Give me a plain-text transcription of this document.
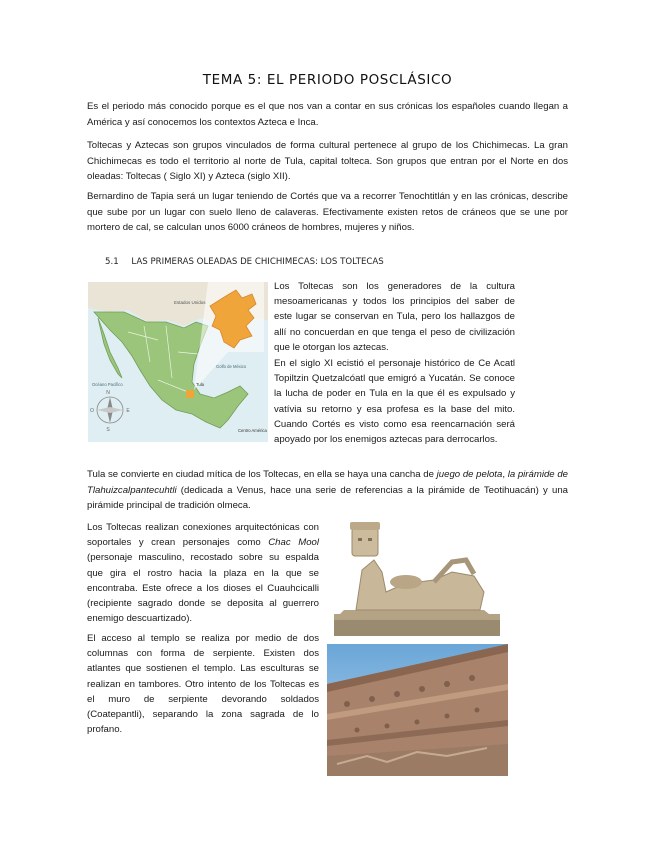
TEMA 5: EL PERIODO POSCLÁSICO

Es el periodo más conocido porque es el que nos van a contar en sus crónicas los españoles cuando llegan a América y así conocemos los contextos Azteca e Inca.

Toltecas y Aztecas son grupos vinculados de forma cultural pertenece al grupo de los Chichimecas. La gran Chichimecas es todo el territorio al norte de Tula, capital tolteca. Son grupos que entran por el Norte en dos oleadas: Toltecas ( Siglo XI) y Azteca (siglo XII).

Bernardino de Tapia será un lugar teniendo de Cortés que va a recorrer Tenochtitlán y en las crónicas, describe que sube por un lugar con suelo lleno de calaveras. Efectivamente existen retos de cráneos que se une por mortero de cal, se calculan unos 6000 cráneos de hombres, mujeres y niños.

5.1 LAS PRIMERAS OLEADAS DE CHICHIMECAS: LOS TOLTECAS
Estados Unidos
Océano Pacífico
Golfo de México
Tula
Centro América
N
S
O	E

Los Toltecas son los generadores de la cultura mesoamericanas y todos los principios del saber de este lugar se conservan en Tula, pero los hallazgos de allí no concuerdan en que tenga el peso de civilización que le otorgan los aztecas.

En el siglo XI ecistió el personaje histórico de Ce Acatl Topiltzin Quetzalcóatl que emigró a Yucatán. Se conoce la lucha de poder en Tula en la que él es expulsado y vatívia su retorno y esa profesa es la base del mito. Cuando Cortés es visto como esa reencarnación será apoyado por los enemigos aztecas para derrocarlos.

Tula se convierte en ciudad mítica de los Toltecas, en ella se haya una cancha de juego de pelota, la pirámide de Tlahuizcalpantecuhtli (dedicada a Venus, hace una serie de referencias a la pirámide de Teotihuacán) y una pirámide principal de tradición olmeca.

Los Toltecas realizan conexiones arquitectónicas con soportales y crean personajes como Chac Mool (personaje masculino, recostado sobre su espalda que gira el rostro hacia la plaza en la que se encontraba. Este ofrece a los dioses el Cuauhcicalli (recipiente sagrado donde se deposita al guerrero enemigo descuartizado).

El acceso al templo se realiza por medio de dos columnas con forma de serpiente. Existen dos atlantes que sostienen el templo. Las esculturas se realizan en tambores. Otro intento de los Toltecas es el muro de serpiente devorando soldados (Coatepantli), separando la zona sagrada de lo profano.
